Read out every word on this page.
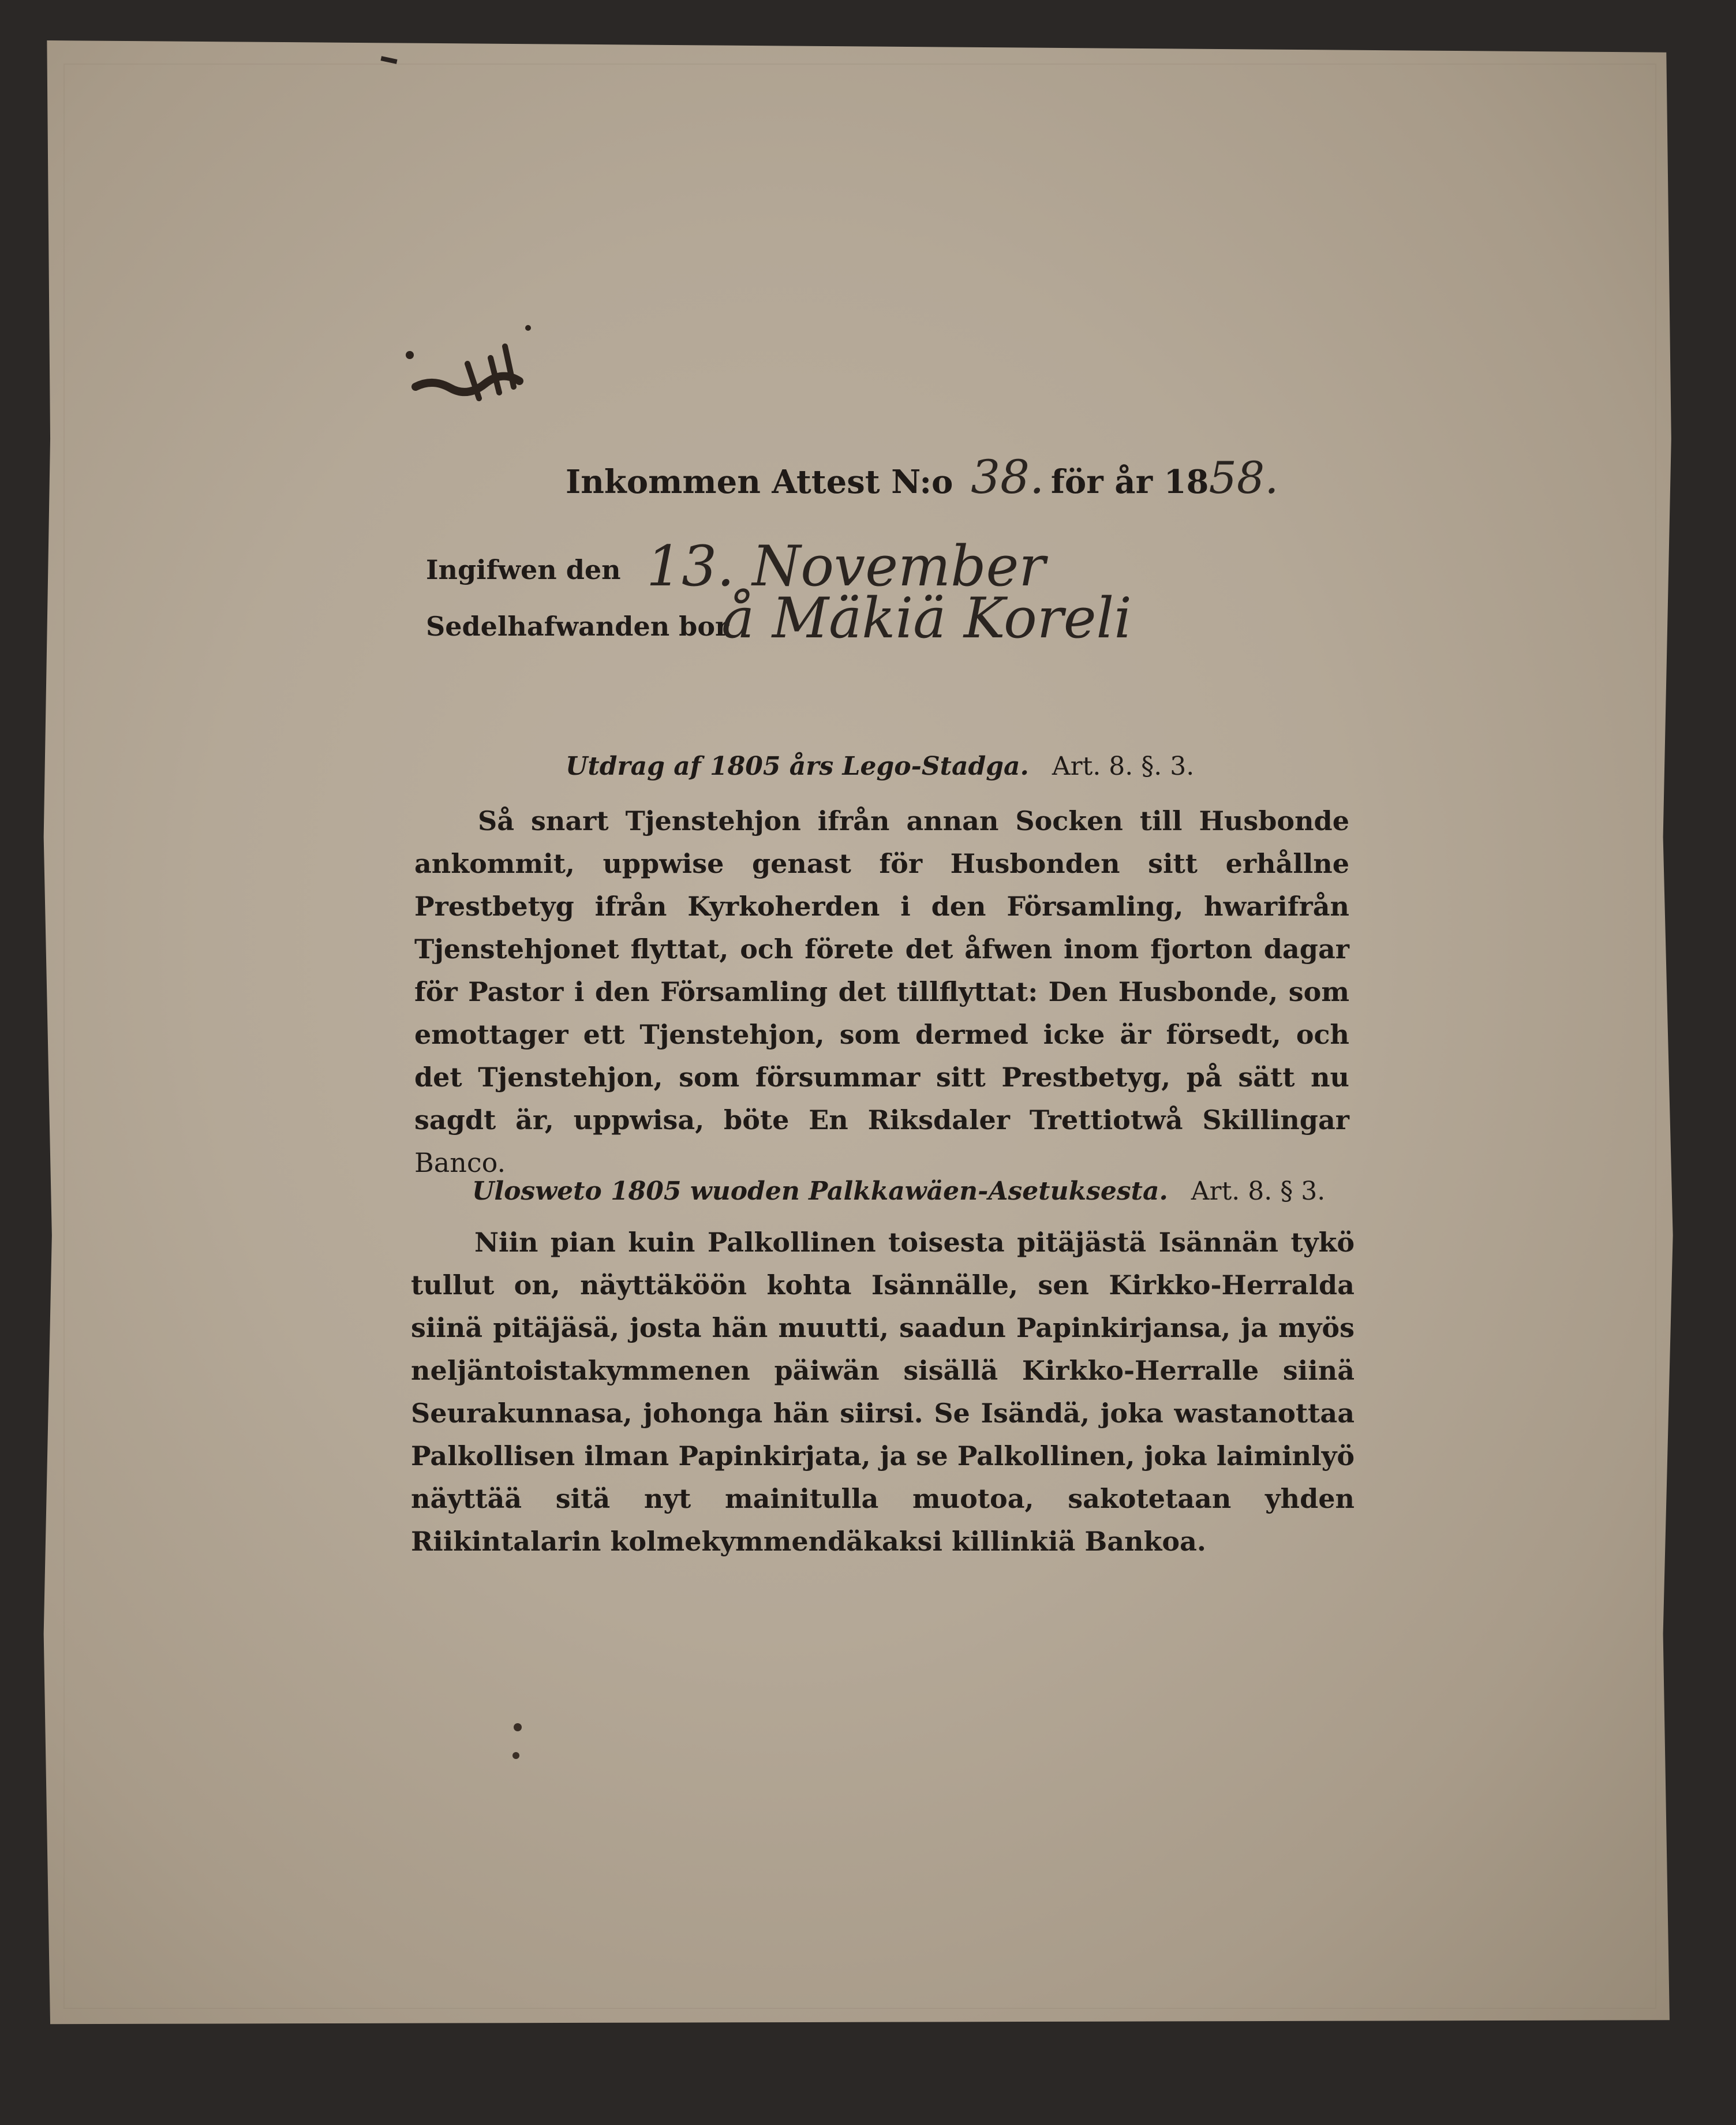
Inkommen Attest N:o 38. för år 1858.
Ingifwen den 13. November
Sedelhafwanden bor
å Mäkiä Koreli
Utdrag af 1805 års Lego-Stadga. Art. 8. §. 3.
Så snart Tjenstehjon ifrån annan Socken till Husbonde ankommit, uppwise genast för Husbonden sitt erhållne Prestbetyg ifrån Kyrkoherden i den Församling, hwarifrån Tjenstehjonet flyttat, och förete det åfwen inom fjorton dagar för Pastor i den Församling det tillflyttat: Den Husbonde, som emottager ett Tjenstehjon, som dermed icke är försedt, och det Tjenstehjon, som försummar sitt Prestbetyg, på sätt nu sagdt är, uppwisa, böte En Riksdaler Trettiotwå Skillingar Banco.
Ulosweto 1805 wuoden Palkkawäen-Asetuksesta. Art. 8. § 3.
Niin pian kuin Palkollinen toisesta pitäjästä Isännän tykö tullut on, näyttäköön kohta Isännälle, sen Kirkko-Herralda siinä pitäjäsä, josta hän muutti, saadun Papinkirjansa, ja myös neljäntoistakymmenen päiwän sisällä Kirkko-Herralle siinä Seurakunnasa, johonga hän siirsi. Se Isändä, joka wastanottaa Palkollisen ilman Papinkirjata, ja se Palkollinen, joka laiminlyö näyttää sitä nyt mainitulla muotoa, sakotetaan yhden Riikintalarin kolmekymmendäkaksi killinkiä Bankoa.
